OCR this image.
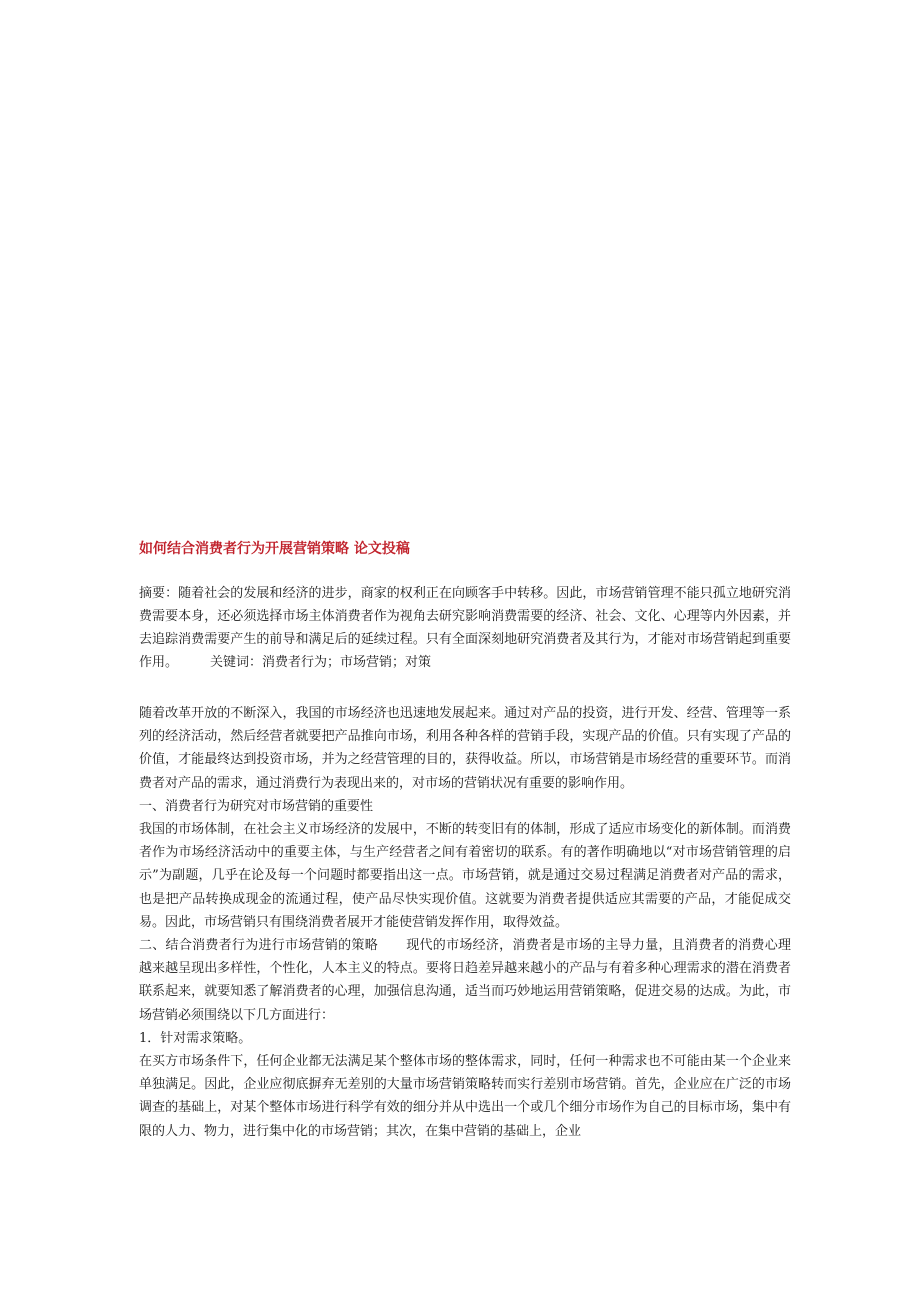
如何结合消费者行为开展营销策略 论文投稿
摘要：随着社会的发展和经济的进步，商家的权利正在向顾客手中转移。因此，市场营销管理不能只孤立地研究消费需要本身，还必须选择市场主体消费者作为视角去研究影响消费需要的经济、社会、文化、心理等内外因素，并去追踪消费需要产生的前导和满足后的延续过程。只有全面深刻地研究消费者及其行为，才能对市场营销起到重要作用。 关键词：消费者行为；市场营销；对策

随着改革开放的不断深入，我国的市场经济也迅速地发展起来。通过对产品的投资，进行开发、经营、管理等一系列的经济活动，然后经营者就要把产品推向市场，利用各种各样的营销手段，实现产品的价值。只有实现了产品的价值，才能最终达到投资市场，并为之经营管理的目的，获得收益。所以，市场营销是市场经营的重要环节。而消费者对产品的需求，通过消费行为表现出来的，对市场的营销状况有重要的影响作用。

一、消费者行为研究对市场营销的重要性

我国的市场体制，在社会主义市场经济的发展中，不断的转变旧有的体制，形成了适应市场变化的新体制。而消费者作为市场经济活动中的重要主体，与生产经营者之间有着密切的联系。有的著作明确地以“对市场营销管理的启示”为副题，几乎在论及每一个问题时都要指出这一点。市场营销，就是通过交易过程满足消费者对产品的需求，也是把产品转换成现金的流通过程，使产品尽快实现价值。这就要为消费者提供适应其需要的产品，才能促成交易。因此，市场营销只有围绕消费者展开才能使营销发挥作用，取得效益。

二、结合消费者行为进行市场营销的策略 现代的市场经济，消费者是市场的主导力量，且消费者的消费心理越来越呈现出多样性，个性化，人本主义的特点。要将日趋差异越来越小的产品与有着多种心理需求的潜在消费者联系起来，就要知悉了解消费者的心理，加强信息沟通，适当而巧妙地运用营销策略，促进交易的达成。为此，市场营销必须围绕以下几方面进行：

1．针对需求策略。

在买方市场条件下，任何企业都无法满足某个整体市场的整体需求，同时，任何一种需求也不可能由某一个企业来单独满足。因此，企业应彻底摒弃无差别的大量市场营销策略转而实行差别市场营销。首先，企业应在广泛的市场调查的基础上，对某个整体市场进行科学有效的细分并从中选出一个或几个细分市场作为自己的目标市场，集中有限的人力、物力，进行集中化的市场营销；其次，在集中营销的基础上，企业
